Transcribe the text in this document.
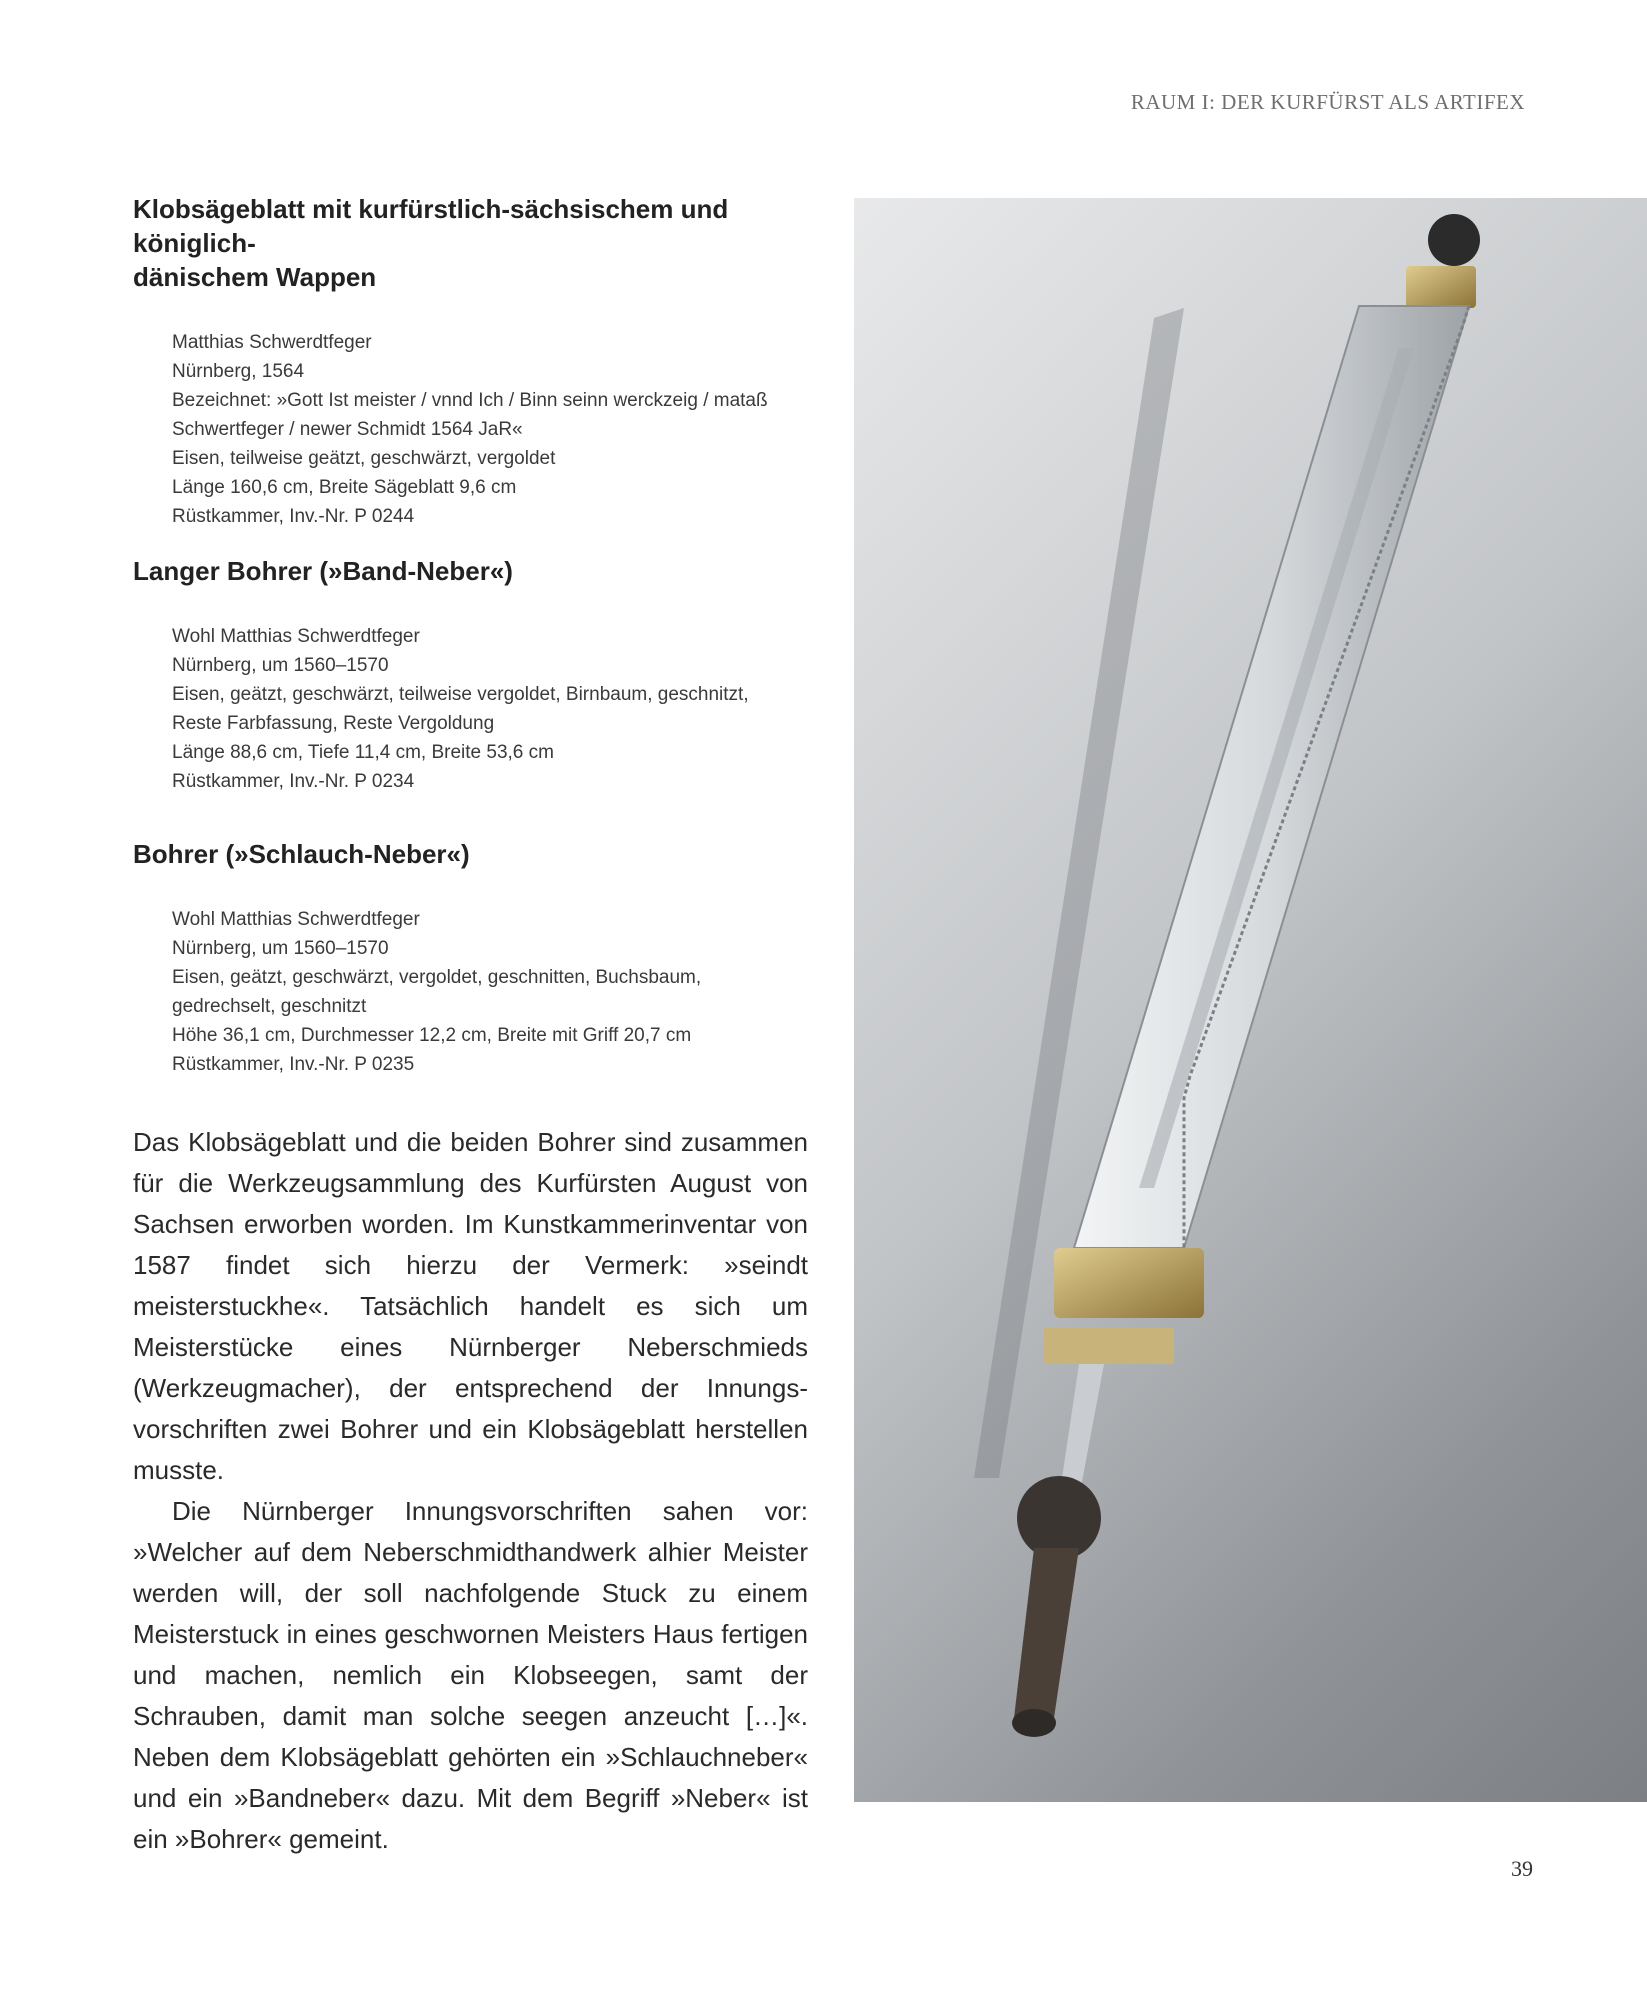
RAUM I: DER KURFÜRST ALS ARTIFEX
Klobsägeblatt mit kurfürstlich-sächsischem und königlich-
dänischem Wappen
Matthias Schwerdtfeger
Nürnberg, 1564
Bezeichnet: »Gott Ist meister / vnnd Ich / Binn seinn werckzeig / mataß
Schwertfeger / newer Schmidt 1564 JaR«
Eisen, teilweise geätzt, geschwärzt, vergoldet
Länge 160,6 cm, Breite Sägeblatt 9,6 cm
Rüstkammer, Inv.-Nr. P 0244
Langer Bohrer (»Band-Neber«)
Wohl Matthias Schwerdtfeger
Nürnberg, um 1560–1570
Eisen, geätzt, geschwärzt, teilweise vergoldet, Birnbaum, geschnitzt,
Reste Farbfassung, Reste Vergoldung
Länge 88,6 cm, Tiefe 11,4 cm, Breite 53,6 cm
Rüstkammer, Inv.-Nr. P 0234
Bohrer (»Schlauch-Neber«)
Wohl Matthias Schwerdtfeger
Nürnberg, um 1560–1570
Eisen, geätzt, geschwärzt, vergoldet, geschnitten, Buchsbaum,
gedrechselt, geschnitzt
Höhe 36,1 cm, Durchmesser 12,2 cm, Breite mit Griff 20,7 cm
Rüstkammer, Inv.-Nr. P 0235

Das Klobsägeblatt und die beiden Bohrer sind zusammen für die Werkzeugsammlung des Kurfürsten August von Sachsen erworben worden. Im Kunstkammerinventar von 1587 findet sich hierzu der Vermerk: »seindt meisterstuckhe«. Tatsächlich handelt es sich um Meisterstücke eines Nürnberger Neberschmieds (Werkzeugmacher), der entsprechend der Innungsvorschriften zwei Bohrer und ein Klobsägeblatt herstellen musste.

Die Nürnberger Innungsvorschriften sahen vor: »Welcher auf dem Neberschmidthandwerk alhier Meister werden will, der soll nachfolgende Stuck zu einem Meisterstuck in eines geschwornen Meisters Haus fertigen und machen, nemlich ein Klobseegen, samt der Schrauben, damit man solche seegen anzeucht […]«. Neben dem Klobsägeblatt gehörten ein »Schlauchneber« und ein »Bandneber« dazu. Mit dem Begriff »Neber« ist ein »Bohrer« gemeint.

39
